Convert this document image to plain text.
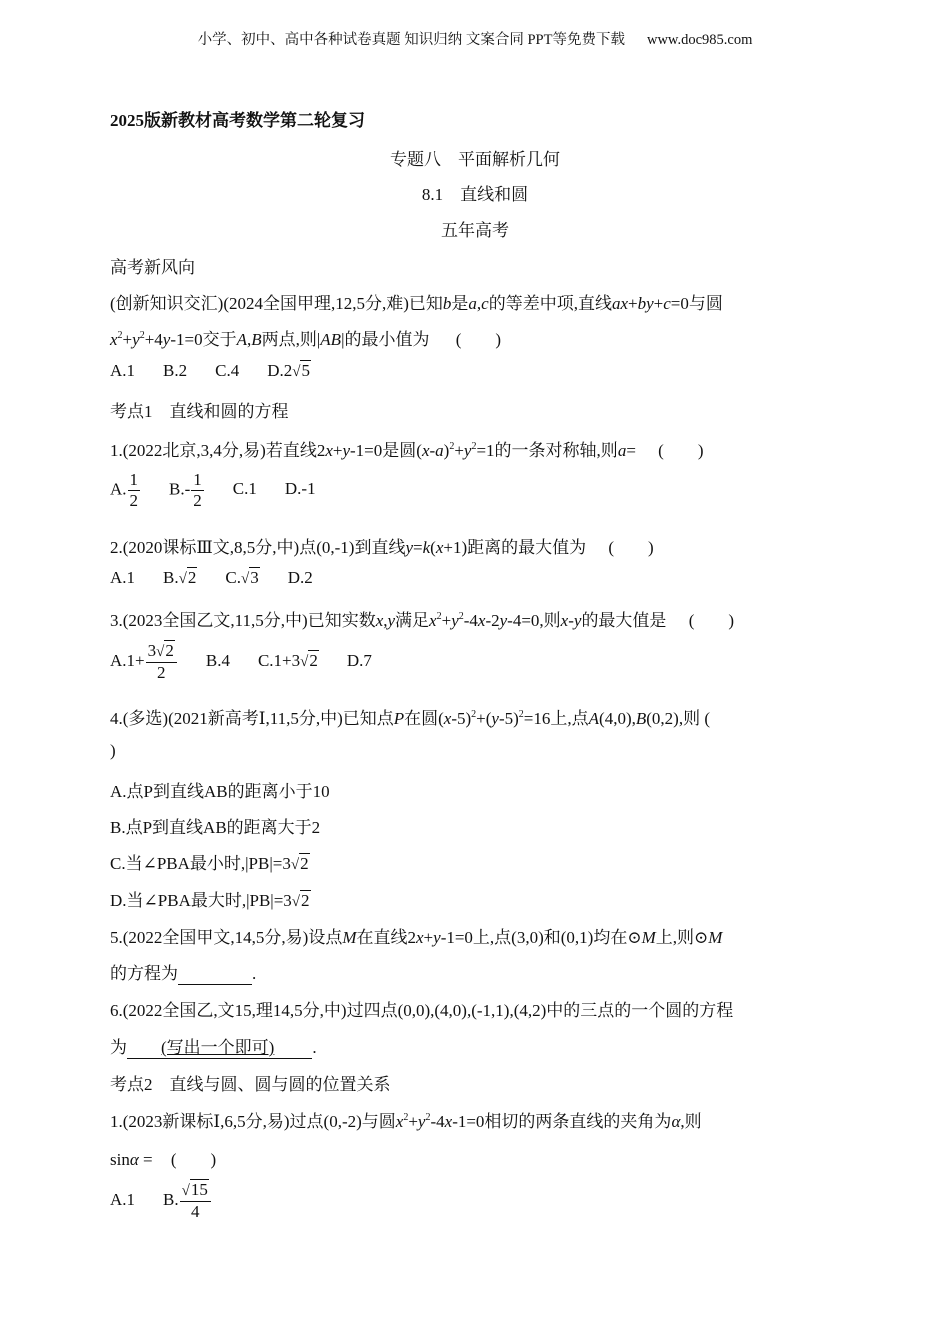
小学、初中、高中各种试卷真题 知识归纳 文案合同 PPT等免费下载 www.doc985.com
2025版新教材高考数学第二轮复习
专题八　平面解析几何
8.1　直线和圆
五年高考
高考新风向
(创新知识交汇)(2024全国甲理,12,5分,难)已知b是a,c的等差中项,直线ax+by+c=0与圆
$x^2+y^2+4y-1=0$交于A,B两点,则|AB|的最小值为 (　　)
A.1 B.2 C.4 D.2√5
考点1　直线和圆的方程
1.(2022北京,3,4分,易)若直线2x+y-1=0是圆$(x-a)^2+y^2=1$的一条对称轴,则a= (　　)
A. $\frac{1}{2} B.- \frac{1}{2} C.1$ D.-1
2.(2020课标Ⅲ文,8,5分,中)点(0,-1)到直线y=k(x+1)距离的最大值为 (　　)
A.1 B.√2 C.√3 D.2
3.(2023全国乙文,11,5分,中)已知实数x,y满足$x^2+y^2-4x-2y-4=0$,则x-y的最大值是 (　　)
$A.1+ \frac{3√2}{2} B.4$ C.1+3√2 D.7
4.(多选)(2021新高考Ⅰ,11,5分,中)已知点P在圆$(x-5)^2+(y-5)^2=16$上,点A(4,0),B(0,2),则 (
)
A.点P到直线AB的距离小于10
B.点P到直线AB的距离大于2
C.当∠PBA最小时,|PB|=3√2
D.当∠PBA最大时,|PB|=3√2
5.(2022全国甲文,14,5分,易)设点M在直线2x+y-1=0上,点(3,0)和(0,1)均在⊙M上,则⊙M
的方程为	.
6.(2022全国乙,文15,理14,5分,中)过四点(0,0),(4,0),(-1,1),(4,2)中的三点的一个圆的方程
为 (写出一个即可) .
考点2　直线与圆、圆与圆的位置关系
1.(2023新课标Ⅰ,6,5分,易)过点(0,-2)与圆$x^2+y^2-4x-1=0$相切的两条直线的夹角为α,则
sinα = (　　)
A.1 B. $\frac{√15}{4}$
